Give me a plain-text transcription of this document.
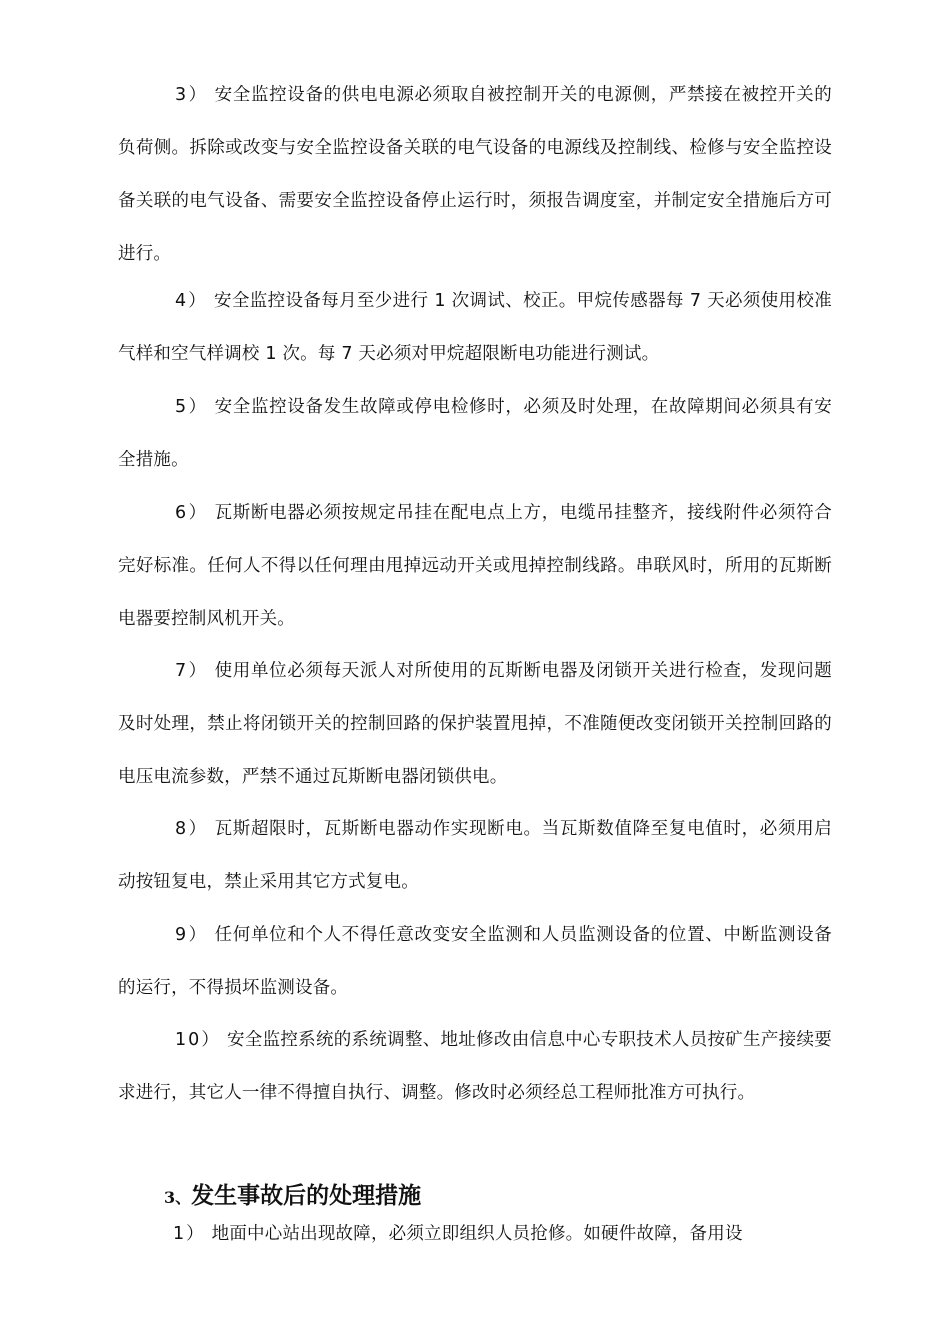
3） 安全监控设备的供电电源必须取自被控制开关的电源侧，严禁接在被控开关的负荷侧。拆除或改变与安全监控设备关联的电气设备的电源线及控制线、检修与安全监控设备关联的电气设备、需要安全监控设备停止运行时，须报告调度室，并制定安全措施后方可进行。

4） 安全监控设备每月至少进行 1 次调试、校正。甲烷传感器每 7 天必须使用校准气样和空气样调校 1 次。每 7 天必须对甲烷超限断电功能进行测试。

5） 安全监控设备发生故障或停电检修时，必须及时处理，在故障期间必须具有安全措施。

6） 瓦斯断电器必须按规定吊挂在配电点上方，电缆吊挂整齐，接线附件必须符合完好标准。任何人不得以任何理由甩掉远动开关或甩掉控制线路。串联风时，所用的瓦斯断电器要控制风机开关。

7） 使用单位必须每天派人对所使用的瓦斯断电器及闭锁开关进行检查，发现问题及时处理，禁止将闭锁开关的控制回路的保护装置甩掉，不准随便改变闭锁开关控制回路的电压电流参数，严禁不通过瓦斯断电器闭锁供电。

8） 瓦斯超限时，瓦斯断电器动作实现断电。当瓦斯数值降至复电值时，必须用启动按钮复电，禁止采用其它方式复电。

9） 任何单位和个人不得任意改变安全监测和人员监测设备的位置、中断监测设备的运行，不得损坏监测设备。

10） 安全监控系统的系统调整、地址修改由信息中心专职技术人员按矿生产接续要求进行，其它人一律不得擅自执行、调整。修改时必须经总工程师批准方可执行。

3、发生事故后的处理措施

1） 地面中心站出现故障，必须立即组织人员抢修。如硬件故障，备用设
